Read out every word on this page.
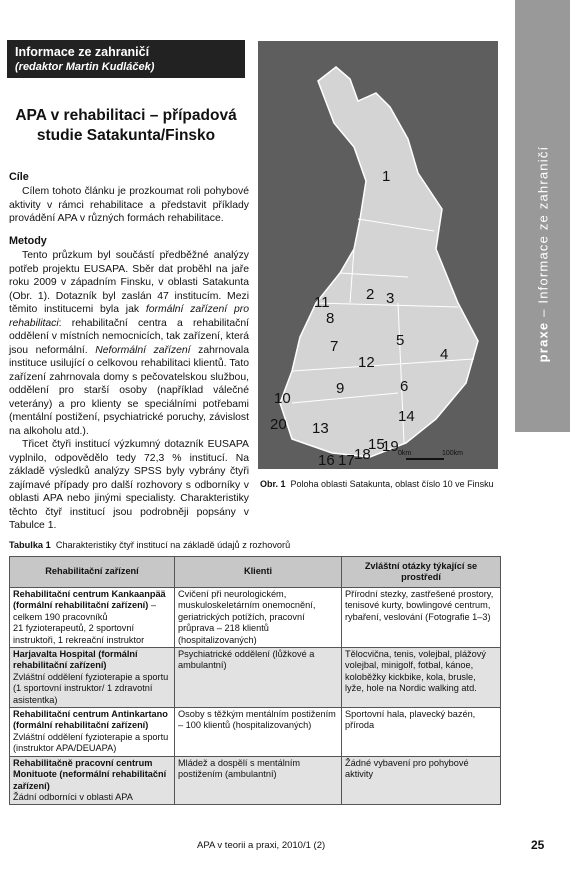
Informace ze zahraničí
(redaktor Martin Kudláček)
APA v rehabilitaci – případová
studie Satakunta/Finsko
Cíle

Cílem tohoto článku je prozkoumat roli pohybové aktivity v rámci rehabilitace a představit příklady provádění APA v různých formách rehabilitace.

Metody

Tento průzkum byl součástí předběžné analýzy potřeb projektu EUSAPA. Sběr dat proběhl na jaře roku 2009 v západním Finsku, v oblasti Satakunta (Obr. 1). Dotazník byl zaslán 47 institucím. Mezi těmito institucemi byla jak formální zařízení pro rehabilitaci: rehabilitační centra a rehabilitační oddělení v místních nemocnicích, tak zařízení, která jsou neformální. Neformální zařízení zahrnovala instituce usilující o celkovou rehabilitaci klientů. Tato zařízení zahrnovala domy s pečovatelskou službou, oddělení pro starší osoby (například válečné veterány) a pro klienty se speciálními potřebami (mentální postižení, psychiatrické poruchy, závislost na alkoholu atd.).

Třicet čtyři institucí výzkumný dotazník EUSAPA vyplnilo, odpovědělo tedy 72,3 % institucí. Na základě výsledků analýzy SPSS byly vybrány čtyři zajímavé případy pro další rozhovory s odborníky v oblasti APA nebo jinými specialisty. Charakteristiky těchto čtyř institucí jsou podrobněji popsány v Tabulce 1.

1
2 3
4
5
6
7
8
9
10
11
12
13
14
15
16 17 18 19
20
0km	100km
Obr. 1 Poloha oblasti Satakunta, oblast číslo 10 ve Finsku
praxe – Informace ze zahraničí
Tabulka 1 Charakteristiky čtyř institucí na základě údajů z rozhovorů
Rehabilitační zařízení	Klienti	Zvláštní otázky týkající se prostředí
Rehabilitační centrum Kankaanpää (formální rehabilitační zařízení) – celkem 190 pracovníků
21 fyzioterapeutů, 2 sportovní instruktoři, 1 rekreační instruktor	Cvičení při neurologickém, muskuloskeletárním onemocnění, geriatrických potížích, pracovní průprava – 218 klientů (hospitalizovaných)	Přírodní stezky, zastřešené prostory, tenisové kurty, bowlingové centrum, rybaření, veslování (Fotografie 1–3)
Harjavalta Hospital (formální rehabilitační zařízení)
Zvláštní oddělení fyzioterapie a sportu (1 sportovní instruktor/ 1 zdravotní asistentka)	Psychiatrické oddělení (lůžkové a ambulantní)	Tělocvična, tenis, volejbal, plážový volejbal, minigolf, fotbal, kánoe, koloběžky kickbike, kola, brusle, lyže, hole na Nordic walking atd.
Rehabilitační centrum Antinkartano (formální rehabilitační zařízení)
Zvláštní oddělení fyzioterapie a sportu (instruktor APA/DEUAPA)	Osoby s těžkým mentálním postižením – 100 klientů (hospitalizovaných)	Sportovní hala, plavecký bazén, příroda
Rehabilitačně pracovní centrum Monituote (neformální rehabilitační zařízení)
Žádní odborníci v oblasti APA	Mládež a dospělí s mentálním postižením (ambulantní)	Žádné vybavení pro pohybové aktivity
APA v teorii a praxi, 2010/1 (2)	25
